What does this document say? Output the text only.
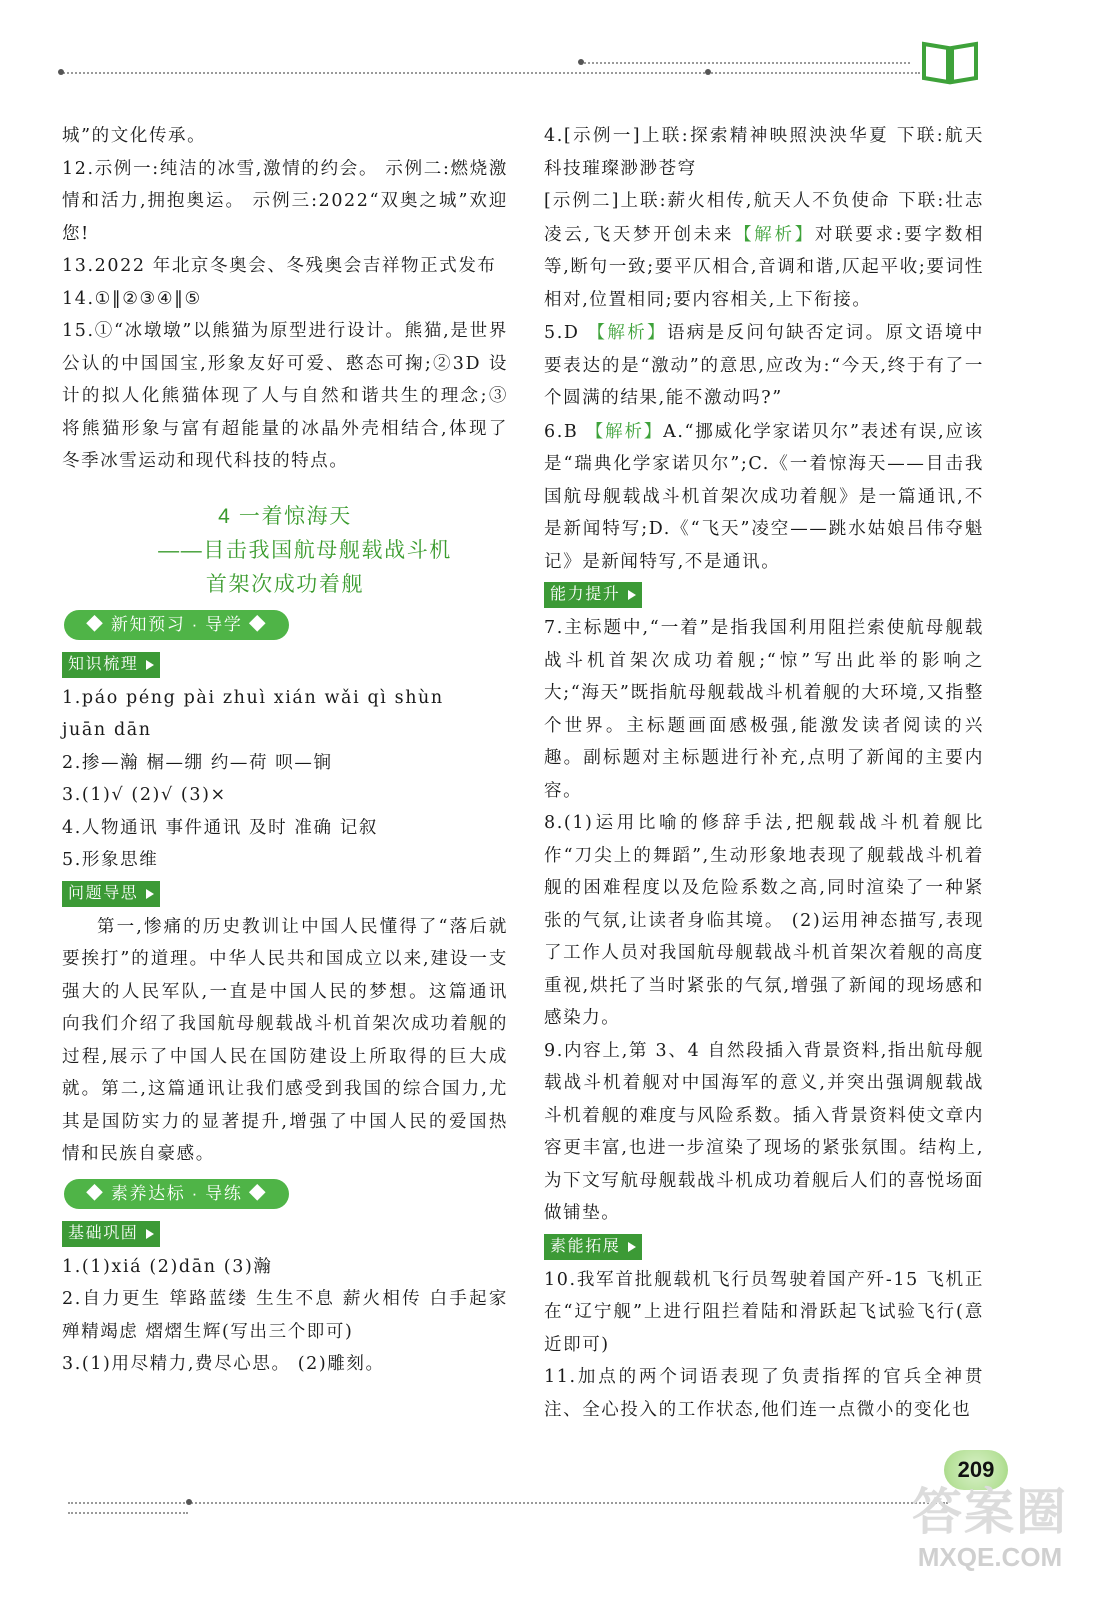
城”的文化传承。
12.示例一:纯洁的冰雪,激情的约会。 示例二:燃烧激情和活力,拥抱奥运。 示例三:2022“双奥之城”欢迎您!
13.2022 年北京冬奥会、冬残奥会吉祥物正式发布
14.①‖②③④‖⑤
15.①“冰墩墩”以熊猫为原型进行设计。熊猫,是世界公认的中国国宝,形象友好可爱、憨态可掬;②3D 设计的拟人化熊猫体现了人与自然和谐共生的理念;③将熊猫形象与富有超能量的冰晶外壳相结合,体现了冬季冰雪运动和现代科技的特点。
4 一着惊海天
——目击我国航母舰载战斗机
首架次成功着舰
◆ 新知预习 · 导学 ◆
知识梳理
1.páo péng pài zhuì xián wǎi qì shùn
juān dān
2.掺—瀚 榍—绷 约—荷 呗—锏
3.(1)√ (2)√ (3)×
4.人物通讯 事件通讯 及时 准确 记叙
5.形象思维
问题导思
第一,惨痛的历史教训让中国人民懂得了“落后就要挨打”的道理。中华人民共和国成立以来,建设一支强大的人民军队,一直是中国人民的梦想。这篇通讯向我们介绍了我国航母舰载战斗机首架次成功着舰的过程,展示了中国人民在国防建设上所取得的巨大成就。第二,这篇通讯让我们感受到我国的综合国力,尤其是国防实力的显著提升,增强了中国人民的爱国热情和民族自豪感。
◆ 素养达标 · 导练 ◆
基础巩固
1.(1)xiá (2)dān (3)瀚
2.自力更生 筚路蓝缕 生生不息 薪火相传 白手起家 殚精竭虑 熠熠生辉(写出三个即可)
3.(1)用尽精力,费尽心思。 (2)雕刻。
4.[示例一]上联:探索精神映照泱泱华夏 下联:航天科技璀璨渺渺苍穹
[示例二]上联:薪火相传,航天人不负使命 下联:壮志凌云,飞天梦开创未来【解析】对联要求:要字数相等,断句一致;要平仄相合,音调和谐,仄起平收;要词性相对,位置相同;要内容相关,上下衔接。
5.D 【解析】语病是反问句缺否定词。原文语境中要表达的是“激动”的意思,应改为:“今天,终于有了一个圆满的结果,能不激动吗?”
6.B 【解析】A.“挪威化学家诺贝尔”表述有误,应该是“瑞典化学家诺贝尔”;C.《一着惊海天——目击我国航母舰载战斗机首架次成功着舰》是一篇通讯,不是新闻特写;D.《“飞天”凌空——跳水姑娘吕伟夺魁记》是新闻特写,不是通讯。
能力提升
7.主标题中,“一着”是指我国利用阻拦索使航母舰载战斗机首架次成功着舰;“惊”写出此举的影响之大;“海天”既指航母舰载战斗机着舰的大环境,又指整个世界。主标题画面感极强,能激发读者阅读的兴趣。副标题对主标题进行补充,点明了新闻的主要内容。
8.(1)运用比喻的修辞手法,把舰载战斗机着舰比作“刀尖上的舞蹈”,生动形象地表现了舰载战斗机着舰的困难程度以及危险系数之高,同时渲染了一种紧张的气氛,让读者身临其境。 (2)运用神态描写,表现了工作人员对我国航母舰载战斗机首架次着舰的高度重视,烘托了当时紧张的气氛,增强了新闻的现场感和感染力。
9.内容上,第 3、4 自然段插入背景资料,指出航母舰载战斗机着舰对中国海军的意义,并突出强调舰载战斗机着舰的难度与风险系数。插入背景资料使文章内容更丰富,也进一步渲染了现场的紧张氛围。结构上,为下文写航母舰载战斗机成功着舰后人们的喜悦场面做铺垫。
素能拓展
10.我军首批舰载机飞行员驾驶着国产歼-15 飞机正在“辽宁舰”上进行阻拦着陆和滑跃起飞试验飞行(意近即可)
11.加点的两个词语表现了负责指挥的官兵全神贯注、全心投入的工作状态,他们连一点微小的变化也
209
答案圈
MXQE.COM
